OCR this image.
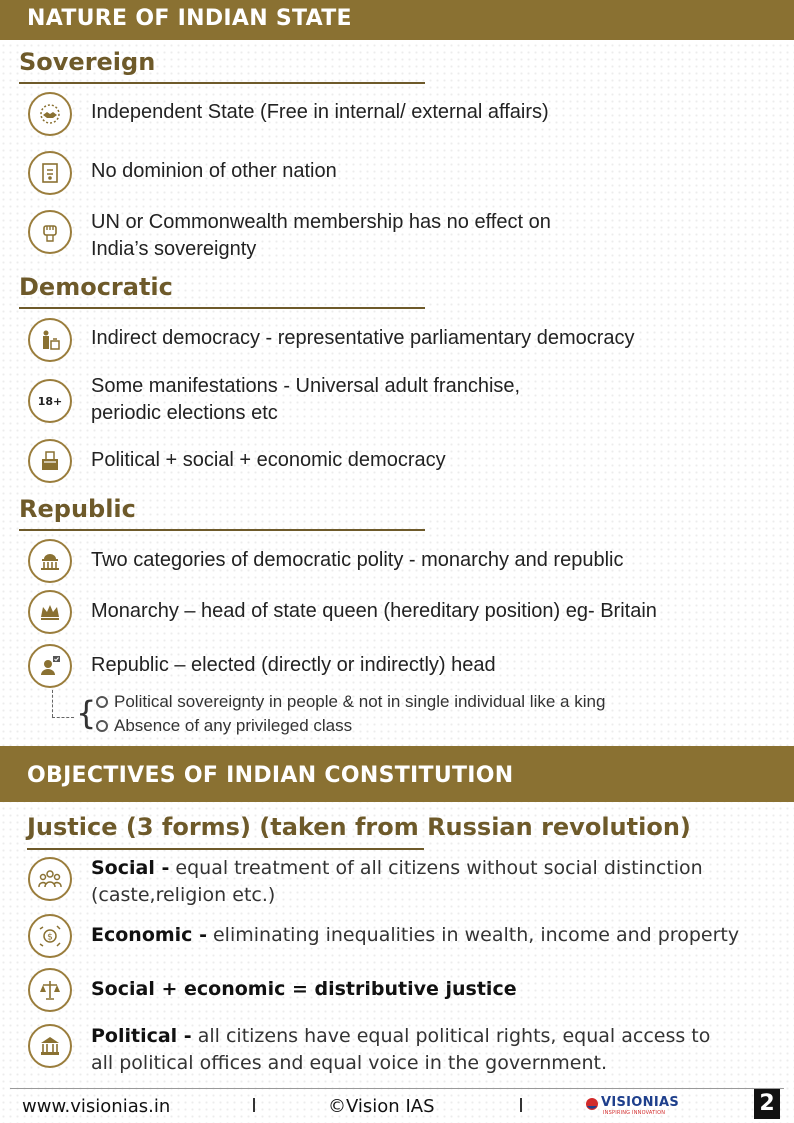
NATURE OF INDIAN STATE
Sovereign
Independent State (Free in internal/ external affairs)
No dominion of other nation
UN or Commonwealth membership has no effect on
India’s sovereignty
Democratic
Indirect democracy - representative parliamentary democracy
18+
Some manifestations - Universal adult franchise,
periodic elections etc
Political + social + economic democracy
Republic
Two categories of democratic polity - monarchy and republic
Monarchy – head of state queen (hereditary position) eg- Britain
Republic – elected (directly or indirectly) head
{ Political sovereignty in people & not in single individual like a king
Absence of any privileged class
OBJECTIVES OF INDIAN CONSTITUTION
Justice (3 forms) (taken from Russian revolution)
Social - equal treatment of all citizens without social distinction
(caste,religion etc.)
$ Economic - eliminating inequalities in wealth, income and property
Social + economic = distributive justice
Political - all citizens have equal political rights, equal access to
all political offices and equal voice in the government.
www.visionias.in	©Vision IAS	VISIONIAS
INSPIRING INNOVATION	2
